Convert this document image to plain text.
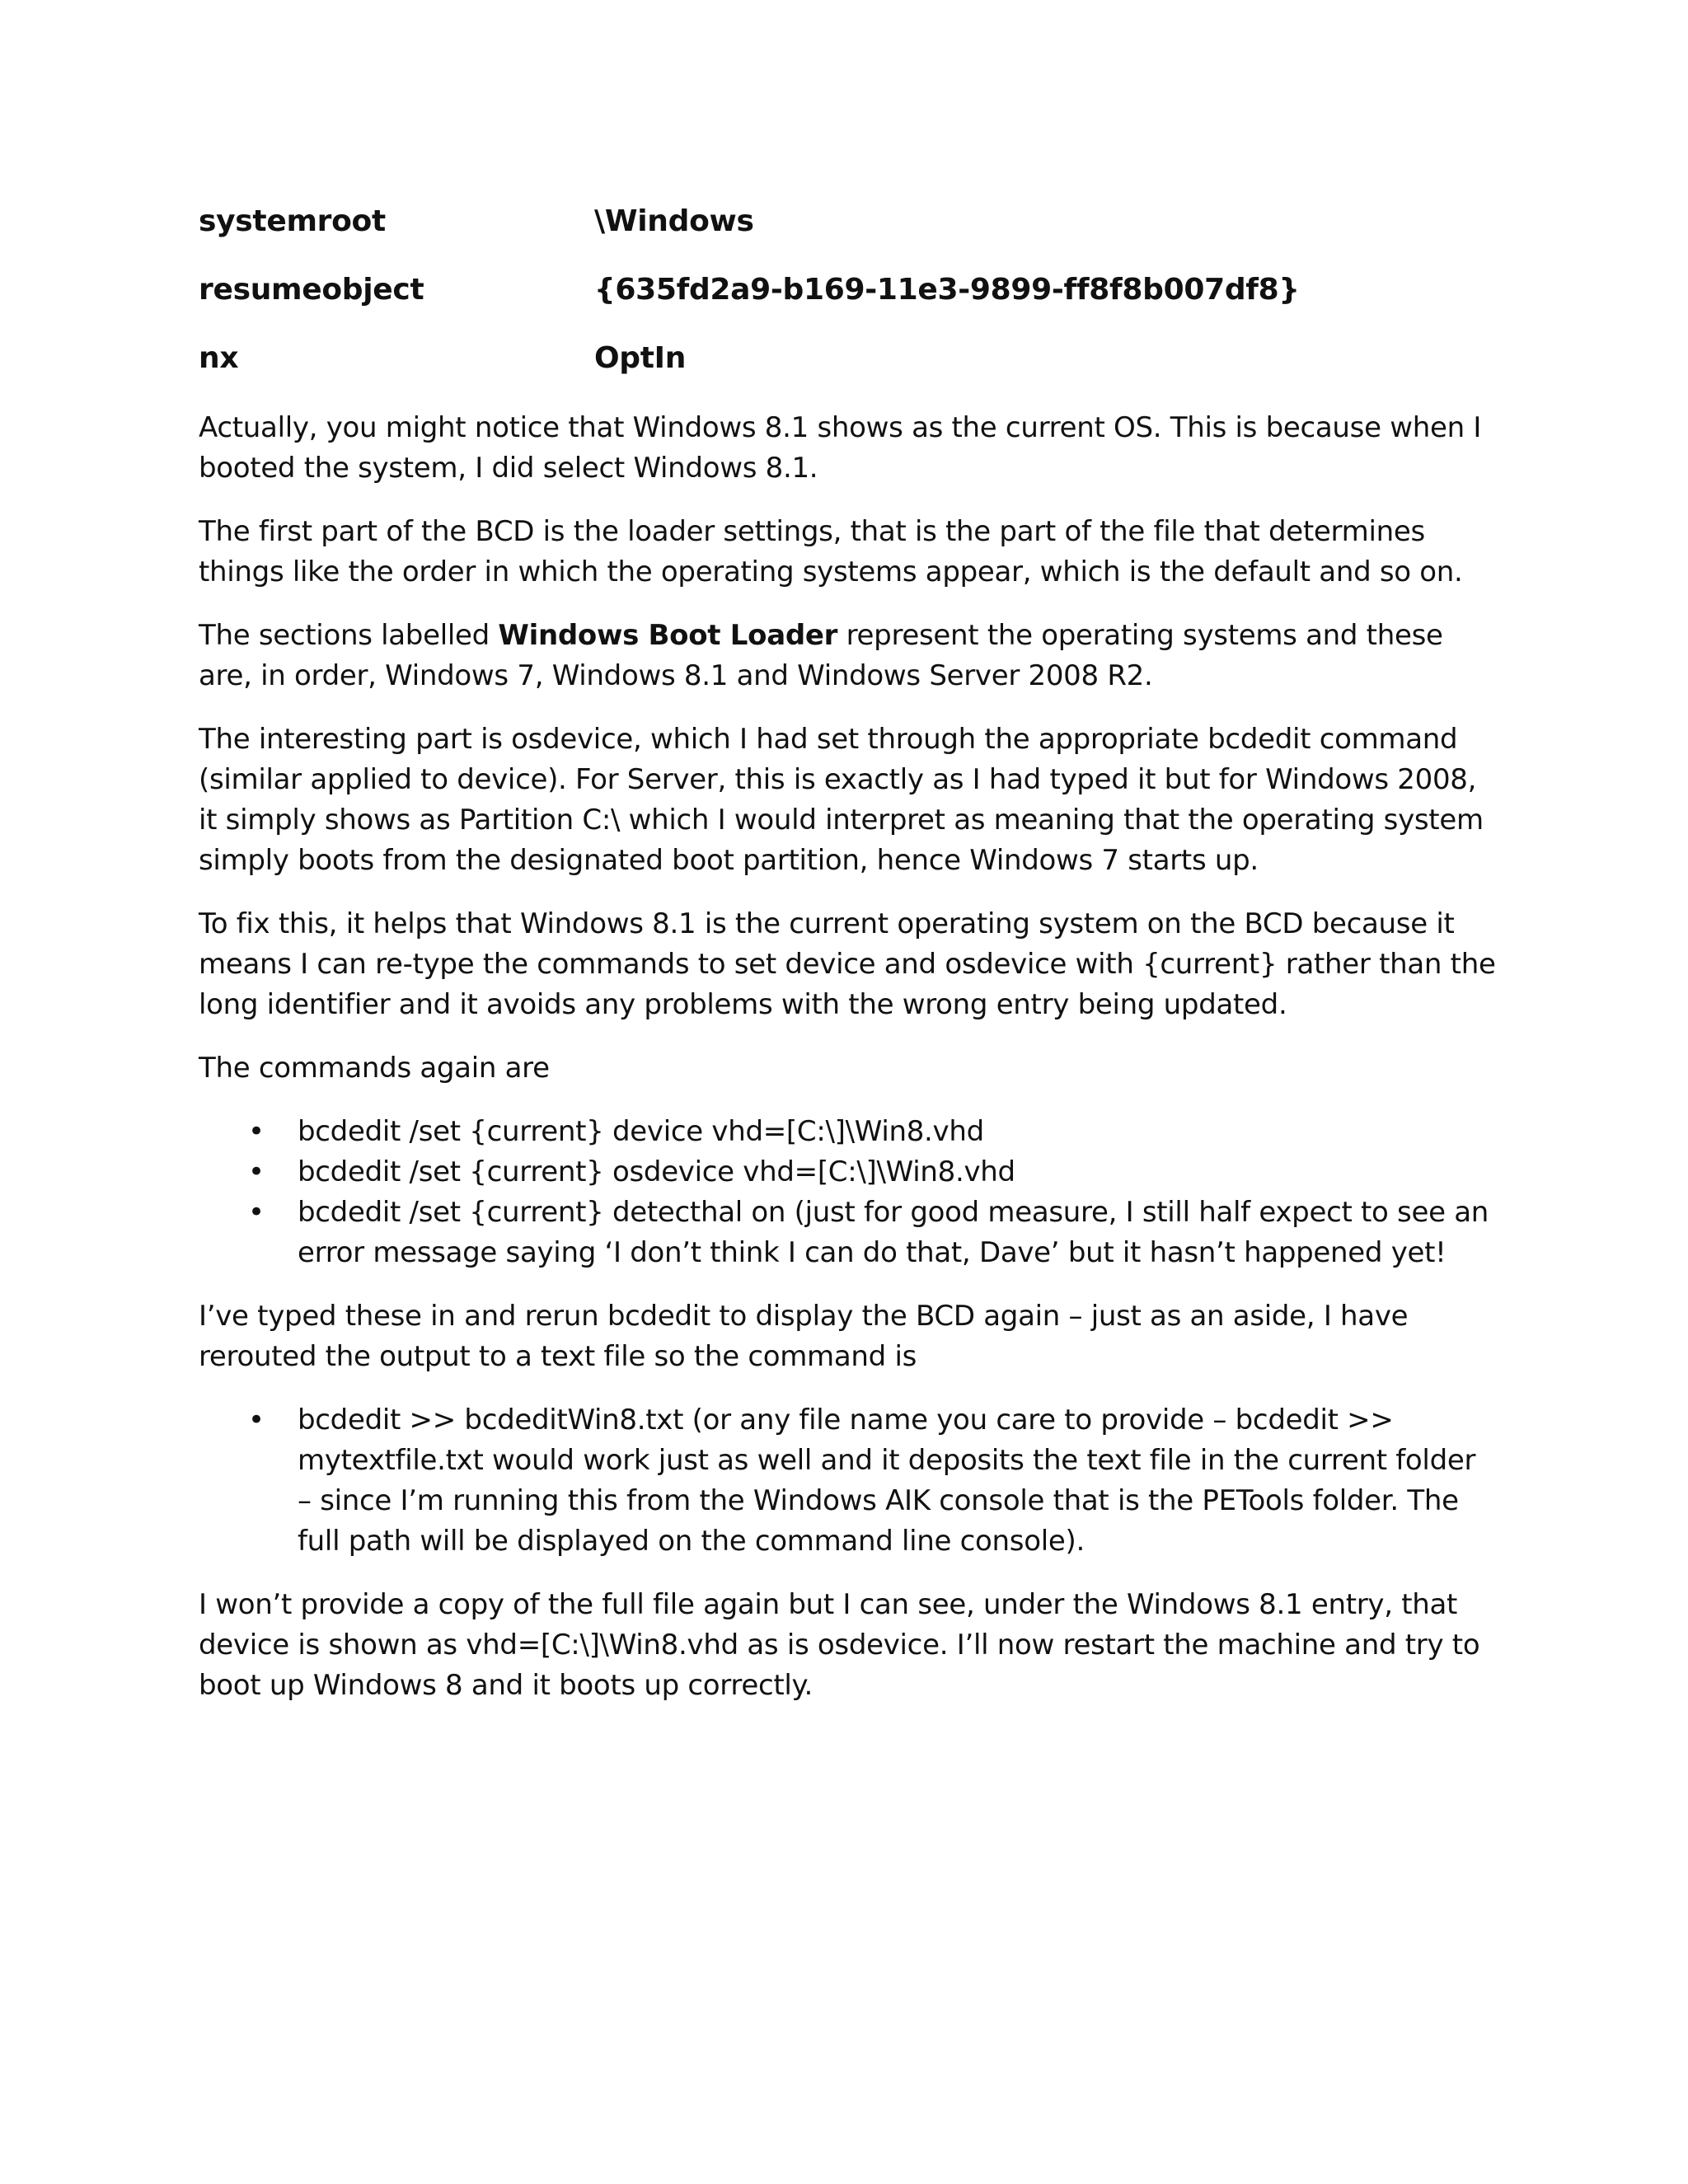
systemroot	\Windows
resumeobject	{635fd2a9-b169-11e3-9899-ff8f8b007df8}
nx	OptIn

Actually, you might notice that Windows 8.1 shows as the current OS. This is because when I booted the system, I did select Windows 8.1.

The first part of the BCD is the loader settings, that is the part of the file that determines things like the order in which the operating systems appear, which is the default and so on.

The sections labelled Windows Boot Loader represent the operating systems and these are, in order, Windows 7, Windows 8.1 and Windows Server 2008 R2.

The interesting part is osdevice, which I had set through the appropriate bcdedit command (similar applied to device). For Server, this is exactly as I had typed it but for Windows 2008, it simply shows as Partition C:\ which I would interpret as meaning that the operating system simply boots from the designated boot partition, hence Windows 7 starts up.

To fix this, it helps that Windows 8.1 is the current operating system on the BCD because it means I can re-type the commands to set device and osdevice with {current} rather than the long identifier and it avoids any problems with the wrong entry being updated.

The commands again are

• bcdedit /set {current} device vhd=[C:\]\Win8.vhd
• bcdedit /set {current} osdevice vhd=[C:\]\Win8.vhd
• bcdedit /set {current} detecthal on (just for good measure, I still half expect to see an error message saying ‘I don’t think I can do that, Dave’ but it hasn’t happened yet!

I’ve typed these in and rerun bcdedit to display the BCD again – just as an aside, I have rerouted the output to a text file so the command is

• bcdedit >> bcdeditWin8.txt (or any file name you care to provide – bcdedit >> mytextfile.txt would work just as well and it deposits the text file in the current folder – since I’m running this from the Windows AIK console that is the PETools folder. The full path will be displayed on the command line console).

I won’t provide a copy of the full file again but I can see, under the Windows 8.1 entry, that device is shown as vhd=[C:\]\Win8.vhd as is osdevice. I’ll now restart the machine and try to boot up Windows 8 and it boots up correctly.
